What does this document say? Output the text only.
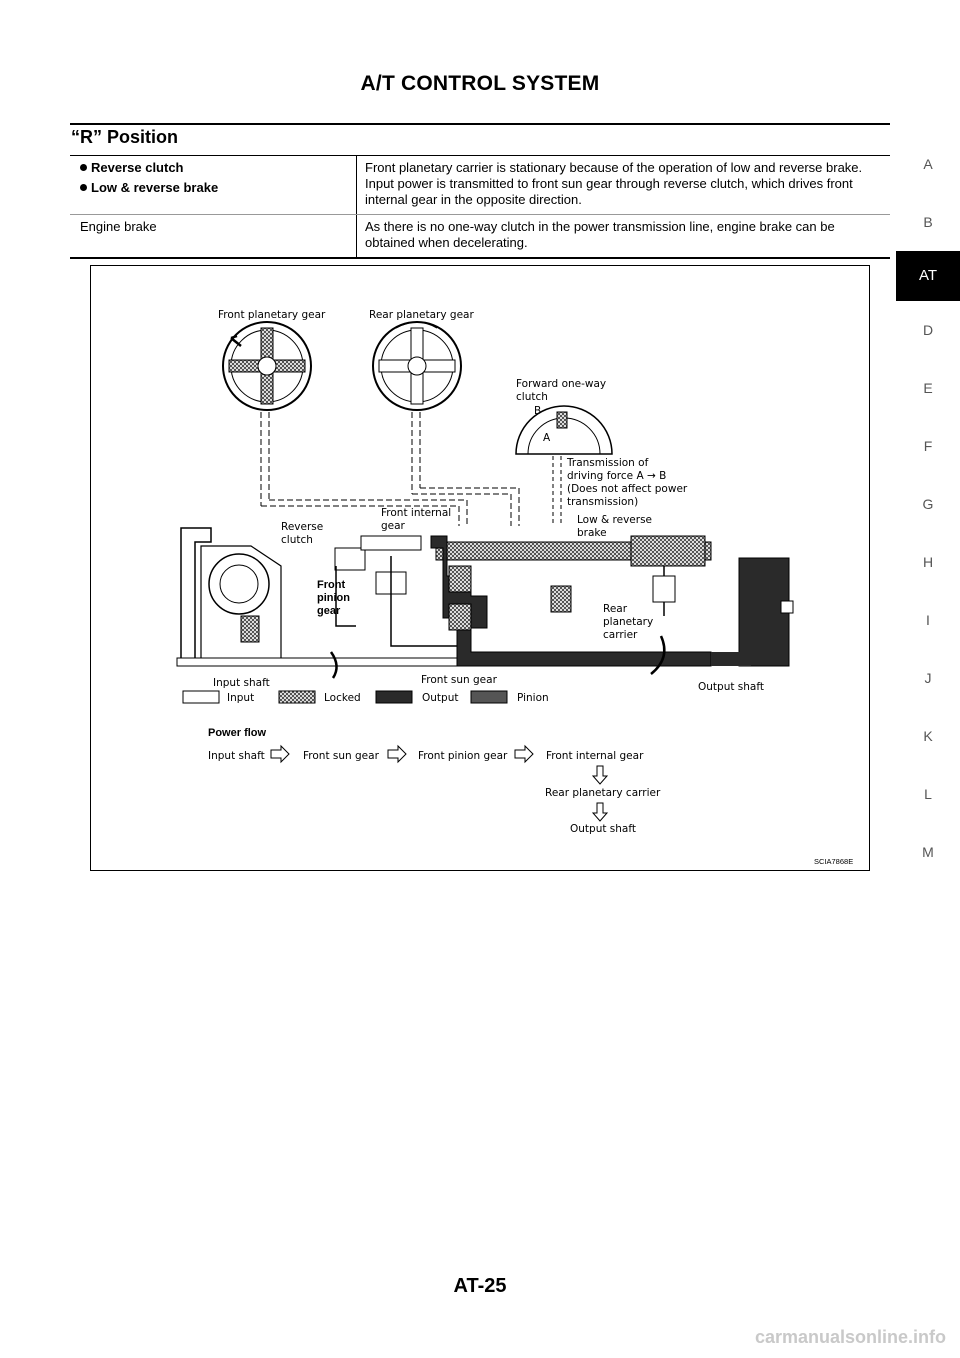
A/T CONTROL SYSTEM
“R” Position
Reverse clutch
Low & reverse brake	Front planetary carrier is stationary because of the operation of low and reverse brake. Input power is transmitted to front sun gear through reverse clutch, which drives front internal gear in the opposite direction.
Engine brake	As there is no one-way clutch in the power transmission line, engine brake can be obtained when decelerating.
Front planetary gear	Rear planetary gear
Forward one-way
clutch
B
A
Transmission of
driving force A → B
(Does not affect power
transmission)
Reverse
clutch
Front internal
gear	Low & reverse
brake
Front
pinion
gear	Rear
planetary
carrier
Input shaft	Front sun gear
Output shaft
Input	Locked	Output	Pinion
Power flow
Input shaft	Front sun gear	Front pinion gear	Front internal gear
Rear planetary carrier
Output shaft
SCIA7868E
A
B
AT
D
E
F
G
H
I
J
K
L
M
AT-25
carmanualsonline.info
